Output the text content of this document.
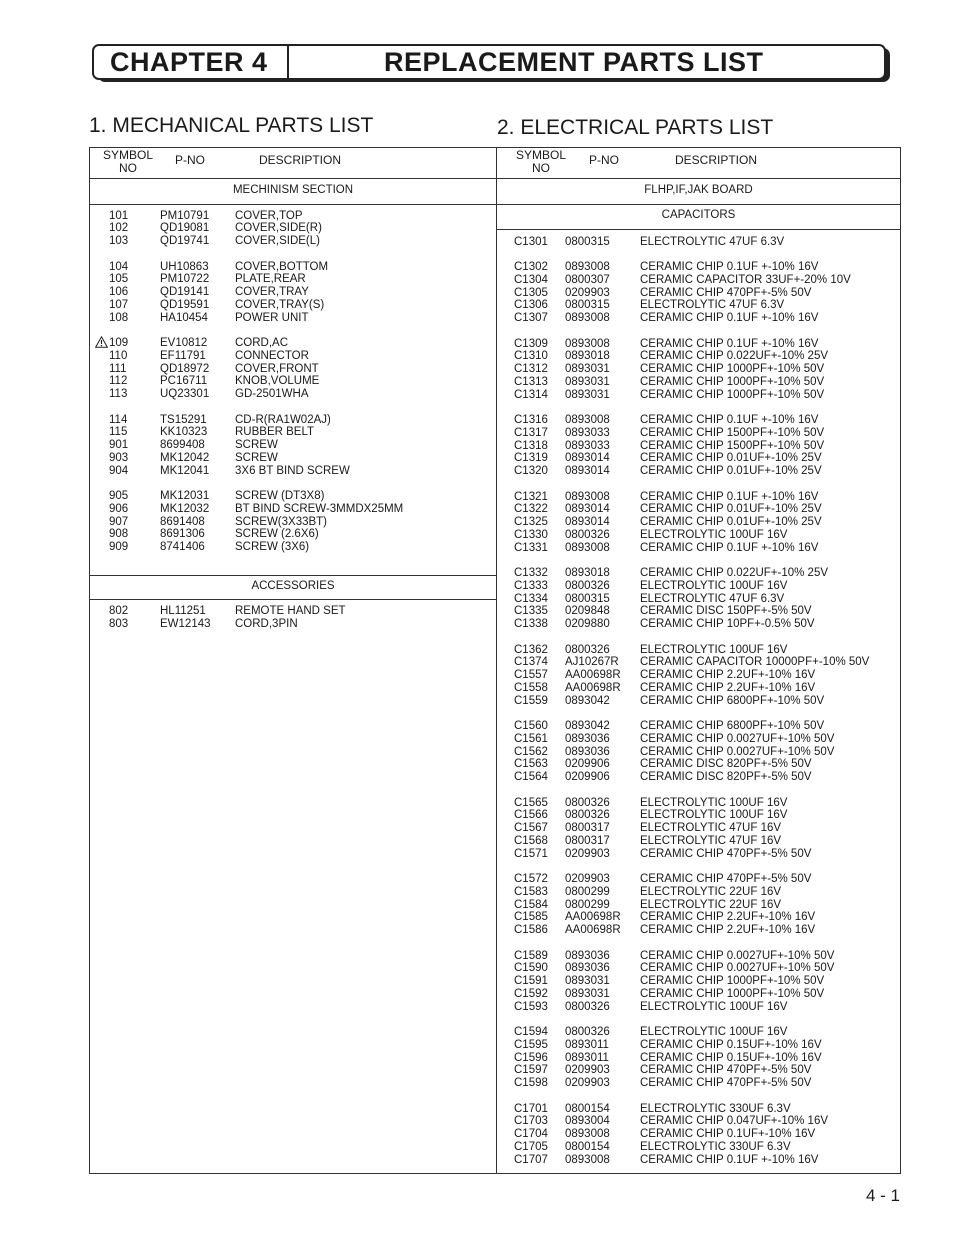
CHAPTER 4	REPLACEMENT PARTS LIST
1. MECHANICAL PARTS LIST	2. ELECTRICAL PARTS LIST
SYMBOL NO
P-NO	DESCRIPTION	SYMBOL NO
P-NO	DESCRIPTION
MECHINISM SECTION
ACCESSORIES
FLHP,IF,JAK BOARD
CAPACITORS
101	PM10791 COVER,TOP
102	QD19081 COVER,SIDE(R)
103	QD19741 COVER,SIDE(L)
104	UH10863 COVER,BOTTOM
105	PM10722 PLATE,REAR
106	QD19141 COVER,TRAY
107	QD19591 COVER,TRAY(S)
108	HA10454 POWER UNIT
109	EV10812 CORD,AC
110	EF11791	CONNECTOR
111	QD18972 COVER,FRONT
112	PC16711 KNOB,VOLUME
113	UQ23301 GD-2501WHA
114	TS15291 CD-R(RA1W02AJ)
115	KK10323 RUBBER BELT
901	8699408	SCREW
903	MK12042 SCREW
904	MK12041 3X6 BT BIND SCREW
905	MK12031 SCREW (DT3X8)
906	MK12032 BT BIND SCREW-3MMDX25MM
907	8691408	SCREW(3X33BT)
908	8691306	SCREW (2.6X6)
909	8741406	SCREW (3X6)
802	HL11251	REMOTE HAND SET
803	EW12143 CORD,3PIN
C1301 0800315	ELECTROLYTIC 47UF 6.3V
C1302 0893008	CERAMIC CHIP 0.1UF +-10% 16V
C1304 0800307	CERAMIC CAPACITOR 33UF+-20% 10V
C1305 0209903	CERAMIC CHIP 470PF+-5% 50V
C1306 0800315	ELECTROLYTIC 47UF 6.3V
C1307 0893008	CERAMIC CHIP 0.1UF +-10% 16V
C1309 0893008	CERAMIC CHIP 0.1UF +-10% 16V
C1310 0893018	CERAMIC CHIP 0.022UF+-10% 25V
C1312 0893031	CERAMIC CHIP 1000PF+-10% 50V
C1313 0893031	CERAMIC CHIP 1000PF+-10% 50V
C1314 0893031	CERAMIC CHIP 1000PF+-10% 50V
C1316 0893008	CERAMIC CHIP 0.1UF +-10% 16V
C1317 0893033	CERAMIC CHIP 1500PF+-10% 50V
C1318 0893033	CERAMIC CHIP 1500PF+-10% 50V
C1319 0893014	CERAMIC CHIP 0.01UF+-10% 25V
C1320 0893014	CERAMIC CHIP 0.01UF+-10% 25V
C1321 0893008	CERAMIC CHIP 0.1UF +-10% 16V
C1322 0893014	CERAMIC CHIP 0.01UF+-10% 25V
C1325 0893014	CERAMIC CHIP 0.01UF+-10% 25V
C1330 0800326	ELECTROLYTIC 100UF 16V
C1331 0893008	CERAMIC CHIP 0.1UF +-10% 16V
C1332 0893018	CERAMIC CHIP 0.022UF+-10% 25V
C1333 0800326	ELECTROLYTIC 100UF 16V
C1334 0800315	ELECTROLYTIC 47UF 6.3V
C1335 0209848	CERAMIC DISC 150PF+-5% 50V
C1338 0209880	CERAMIC CHIP 10PF+-0.5% 50V
C1362 0800326	ELECTROLYTIC 100UF 16V
C1374 AJ10267R CERAMIC CAPACITOR 10000PF+-10% 50V
C1557 AA00698R CERAMIC CHIP 2.2UF+-10% 16V
C1558 AA00698R CERAMIC CHIP 2.2UF+-10% 16V
C1559 0893042	CERAMIC CHIP 6800PF+-10% 50V
C1560 0893042	CERAMIC CHIP 6800PF+-10% 50V
C1561 0893036	CERAMIC CHIP 0.0027UF+-10% 50V
C1562 0893036	CERAMIC CHIP 0.0027UF+-10% 50V
C1563 0209906	CERAMIC DISC 820PF+-5% 50V
C1564 0209906	CERAMIC DISC 820PF+-5% 50V
C1565 0800326	ELECTROLYTIC 100UF 16V
C1566 0800326	ELECTROLYTIC 100UF 16V
C1567 0800317	ELECTROLYTIC 47UF 16V
C1568 0800317	ELECTROLYTIC 47UF 16V
C1571 0209903	CERAMIC CHIP 470PF+-5% 50V
C1572 0209903	CERAMIC CHIP 470PF+-5% 50V
C1583 0800299	ELECTROLYTIC 22UF 16V
C1584 0800299	ELECTROLYTIC 22UF 16V
C1585 AA00698R CERAMIC CHIP 2.2UF+-10% 16V
C1586 AA00698R CERAMIC CHIP 2.2UF+-10% 16V
C1589 0893036	CERAMIC CHIP 0.0027UF+-10% 50V
C1590 0893036	CERAMIC CHIP 0.0027UF+-10% 50V
C1591 0893031	CERAMIC CHIP 1000PF+-10% 50V
C1592 0893031	CERAMIC CHIP 1000PF+-10% 50V
C1593 0800326	ELECTROLYTIC 100UF 16V
C1594 0800326	ELECTROLYTIC 100UF 16V
C1595 0893011	CERAMIC CHIP 0.15UF+-10% 16V
C1596 0893011	CERAMIC CHIP 0.15UF+-10% 16V
C1597 0209903	CERAMIC CHIP 470PF+-5% 50V
C1598 0209903	CERAMIC CHIP 470PF+-5% 50V
C1701 0800154	ELECTROLYTIC 330UF 6.3V
C1703 0893004	CERAMIC CHIP 0.047UF+-10% 16V
C1704 0893008	CERAMIC CHIP 0.1UF+-10% 16V
C1705 0800154	ELECTROLYTIC 330UF 6.3V
C1707 0893008	CERAMIC CHIP 0.1UF +-10% 16V
4 - 1
